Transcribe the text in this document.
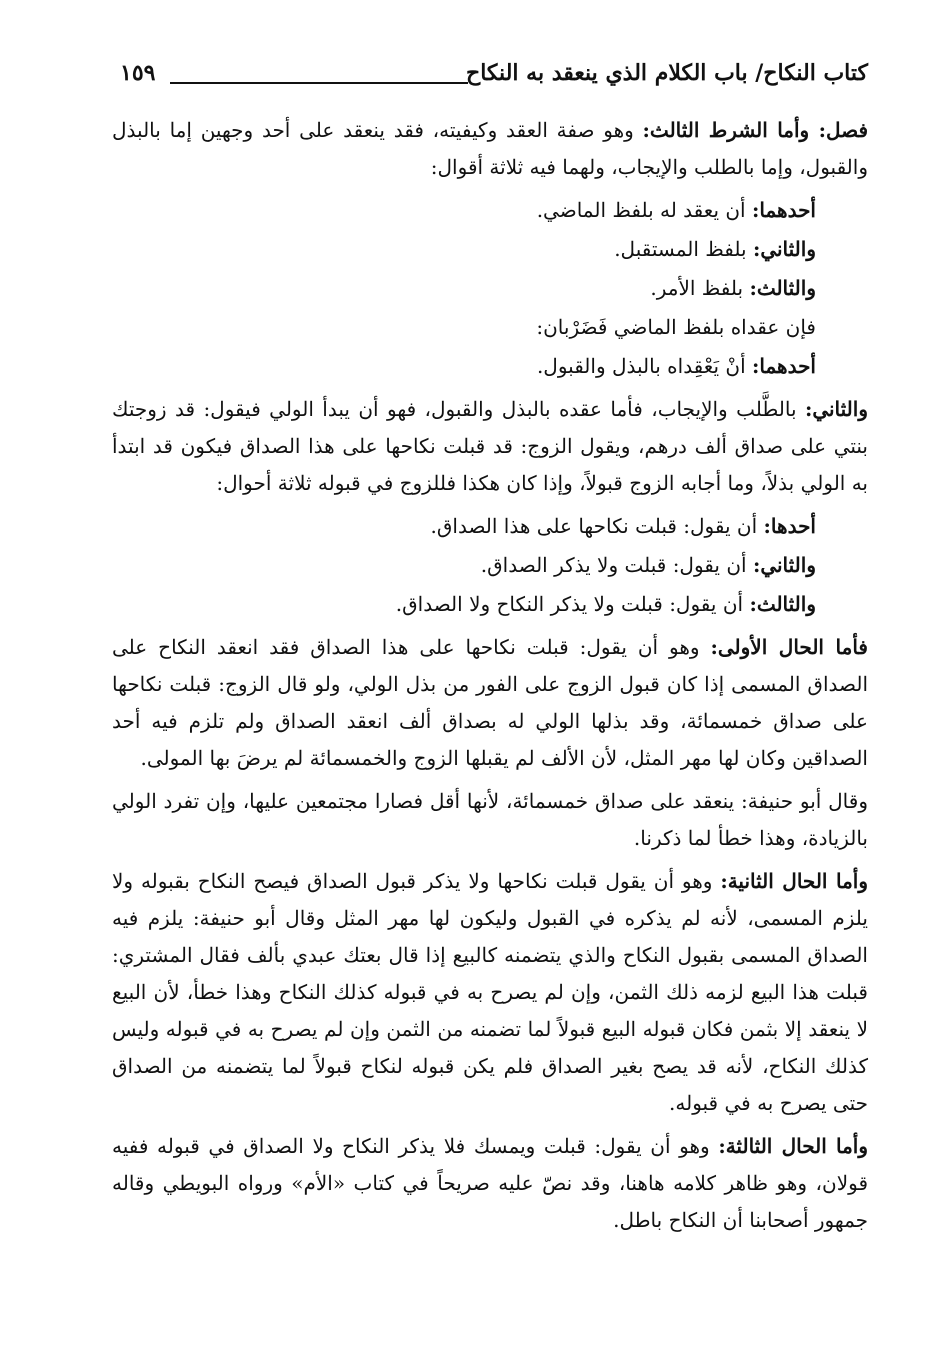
كتاب النكاح/ باب الكلام الذي ينعقد به النكاح
١٥٩

فصل: وأما الشرط الثالث: وهو صفة العقد وكيفيته، فقد ينعقد على أحد وجهين إما بالبذل والقبول، وإما بالطلب والإيجاب، ولهما فيه ثلاثة أقوال:

أحدهما: أن يعقد له بلفظ الماضي.

والثاني: بلفظ المستقبل.

والثالث: بلفظ الأمر.

فإن عقداه بلفظ الماضي فَضَرْبان:

أحدهما: أنْ يَعْقِداه بالبذل والقبول.

والثاني: بالطَّلب والإيجاب، فأما عقده بالبذل والقبول، فهو أن يبدأ الولي فيقول: قد زوجتك بنتي على صداق ألف درهم، ويقول الزوج: قد قبلت نكاحها على هذا الصداق فيكون قد ابتدأ به الولي بذلاً، وما أجابه الزوج قبولاً، وإذا كان هكذا فللزوج في قبوله ثلاثة أحوال:

أحدها: أن يقول: قبلت نكاحها على هذا الصداق.

والثاني: أن يقول: قبلت ولا يذكر الصداق.

والثالث: أن يقول: قبلت ولا يذكر النكاح ولا الصداق.

فأما الحال الأولى: وهو أن يقول: قبلت نكاحها على هذا الصداق فقد انعقد النكاح على الصداق المسمى إذا كان قبول الزوج على الفور من بذل الولي، ولو قال الزوج: قبلت نكاحها على صداق خمسمائة، وقد بذلها الولي له بصداق ألف انعقد الصداق ولم تلزم فيه أحد الصداقين وكان لها مهر المثل، لأن الألف لم يقبلها الزوج والخمسمائة لم يرضَ بها المولى.

وقال أبو حنيفة: ينعقد على صداق خمسمائة، لأنها أقل فصارا مجتمعين عليها، وإن تفرد الولي بالزيادة، وهذا خطأ لما ذكرنا.

وأما الحال الثانية: وهو أن يقول قبلت نكاحها ولا يذكر قبول الصداق فيصح النكاح بقبوله ولا يلزم المسمى، لأنه لم يذكره في القبول وليكون لها مهر المثل وقال أبو حنيفة: يلزم فيه الصداق المسمى بقبول النكاح والذي يتضمنه كالبيع إذا قال بعتك عبدي بألف فقال المشتري: قبلت هذا البيع لزمه ذلك الثمن، وإن لم يصرح به في قبوله كذلك النكاح وهذا خطأ، لأن البيع لا ينعقد إلا بثمن فكان قبوله البيع قبولاً لما تضمنه من الثمن وإن لم يصرح به في قبوله وليس كذلك النكاح، لأنه قد يصح بغير الصداق فلم يكن قبوله لنكاح قبولاً لما يتضمنه من الصداق حتى يصرح به في قبوله.

وأما الحال الثالثة: وهو أن يقول: قبلت ويمسك فلا يذكر النكاح ولا الصداق في قبوله ففيه قولان، وهو ظاهر كلامه هاهنا، وقد نصّ عليه صريحاً في كتاب «الأم» ورواه البويطي وقاله جمهور أصحابنا أن النكاح باطل.
